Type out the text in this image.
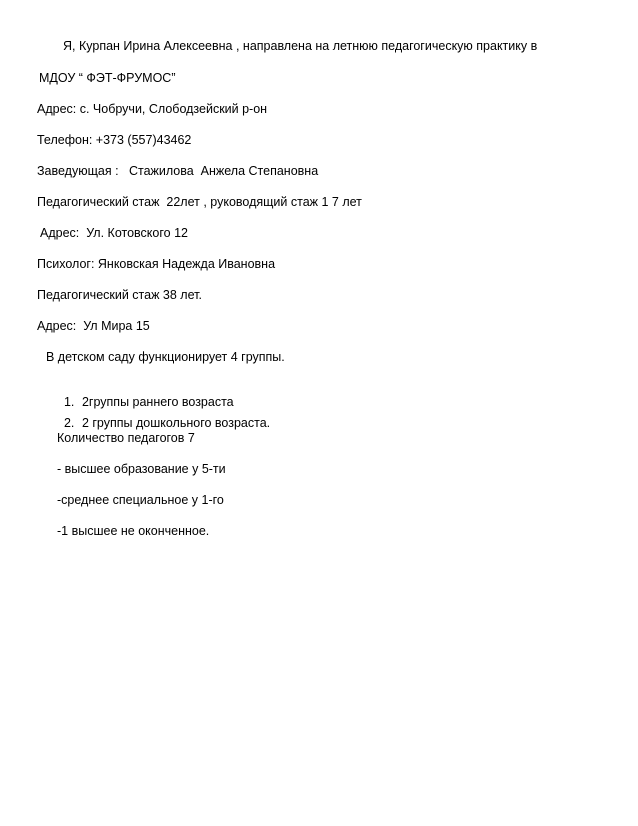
Я, Курпан Ирина Алексеевна , направлена на летнюю педагогическую практику в
МДОУ “ ФЭТ-ФРУМОС”
Адрес: с. Чобручи, Слободзейский р-он
Телефон: +373 (557)43462
Заведующая :   Стажилова  Анжела Степановна
Педагогический стаж  22лет , руководящий стаж 1 7 лет
Адрес:  Ул. Котовского 12
Психолог: Янковская Надежда Ивановна
Педагогический стаж 38 лет.
Адрес:  Ул Мира 15
В детском саду функционирует 4 группы.

1. 2группы раннего возраста

2. 2 группы дошкольного возраста.

Количество педагогов 7
- высшее образование у 5-ти
-среднее специальное у 1-го
-1 высшее не оконченное.
